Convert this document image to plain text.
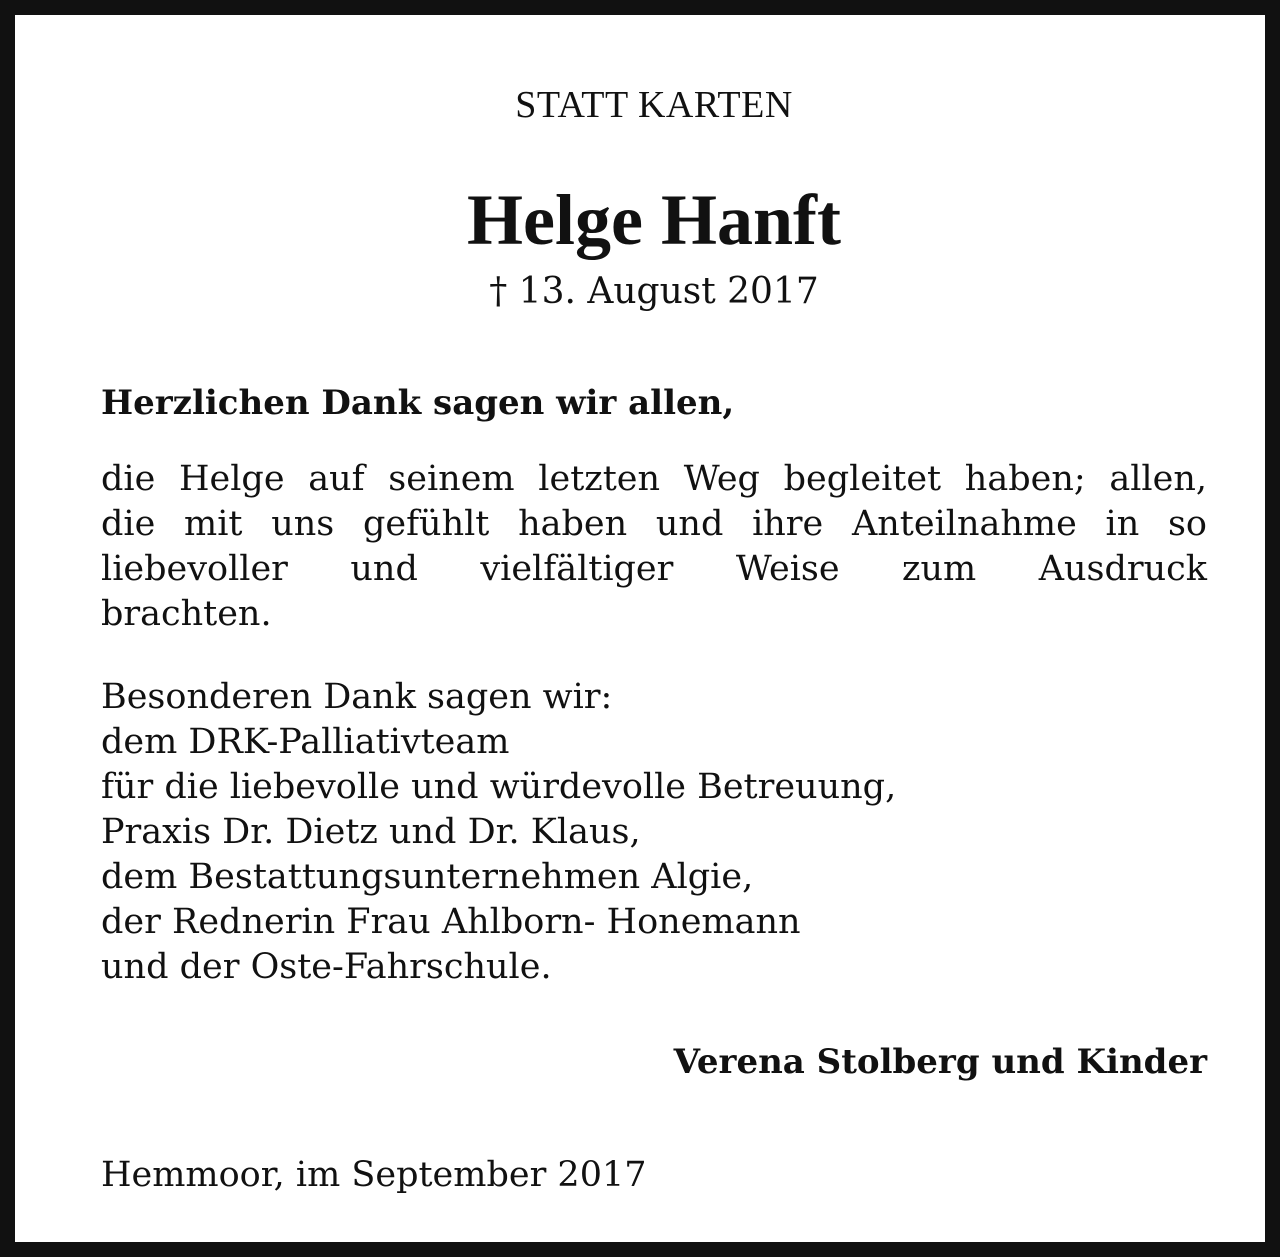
STATT KARTEN
Helge Hanft
† 13. August 2017
Herzlichen Dank sagen wir allen,
die Helge auf seinem letzten Weg begleitet haben; allen,
die mit uns gefühlt haben und ihre Anteilnahme in so
liebevoller und vielfältiger Weise zum Ausdruck
brachten.
Besonderen Dank sagen wir:
dem DRK-Palliativteam
für die liebevolle und würdevolle Betreuung,
Praxis Dr. Dietz und Dr. Klaus,
dem Bestattungsunternehmen Algie,
der Rednerin Frau Ahlborn- Honemann
und der Oste-Fahrschule.
Verena Stolberg und Kinder
Hemmoor, im September 2017
